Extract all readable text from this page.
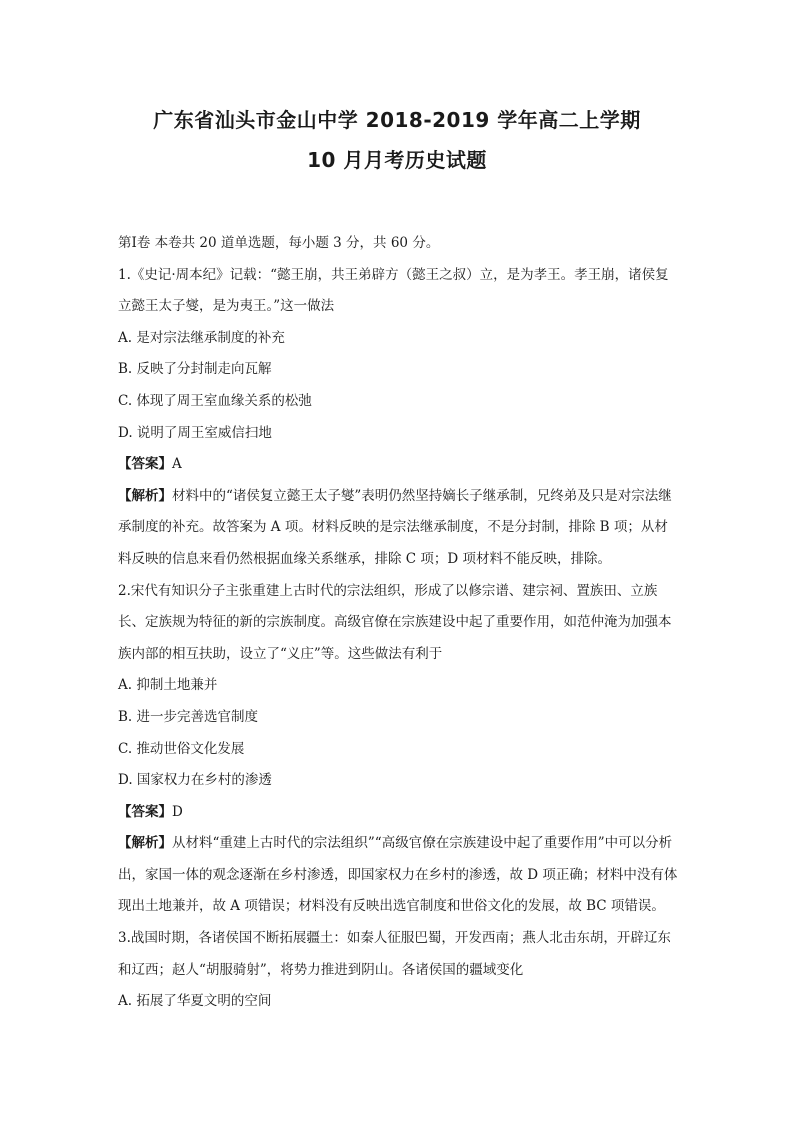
广东省汕头市金山中学 2018-2019 学年高二上学期
10 月月考历史试题

第Ⅰ卷 本卷共 20 道单选题，每小题 3 分，共 60 分。

1.《史记·周本纪》记载：“懿王崩，共王弟辟方（懿王之叔）立，是为孝王。孝王崩，诸侯复立懿王太子燮，是为夷王。”这一做法

A. 是对宗法继承制度的补充

B. 反映了分封制走向瓦解

C. 体现了周王室血缘关系的松弛

D. 说明了周王室威信扫地

【答案】A

【解析】材料中的“诸侯复立懿王太子燮”表明仍然坚持嫡长子继承制，兄终弟及只是对宗法继承制度的补充。故答案为 A 项。材料反映的是宗法继承制度，不是分封制，排除 B 项；从材料反映的信息来看仍然根据血缘关系继承，排除 C 项；D 项材料不能反映，排除。

2.宋代有知识分子主张重建上古时代的宗法组织，形成了以修宗谱、建宗祠、置族田、立族长、定族规为特征的新的宗族制度。高级官僚在宗族建设中起了重要作用，如范仲淹为加强本族内部的相互扶助，设立了“义庄”等。这些做法有利于

A. 抑制土地兼并

B. 进一步完善选官制度

C. 推动世俗文化发展

D. 国家权力在乡村的渗透

【答案】D

【解析】从材料“重建上古时代的宗法组织”“高级官僚在宗族建设中起了重要作用”中可以分析出，家国一体的观念逐渐在乡村渗透，即国家权力在乡村的渗透，故 D 项正确；材料中没有体现出土地兼并，故 A 项错误；材料没有反映出选官制度和世俗文化的发展，故 BC 项错误。

3.战国时期，各诸侯国不断拓展疆土：如秦人征服巴蜀，开发西南；燕人北击东胡，开辟辽东和辽西；赵人“胡服骑射”，将势力推进到阴山。各诸侯国的疆域变化

A. 拓展了华夏文明的空间
